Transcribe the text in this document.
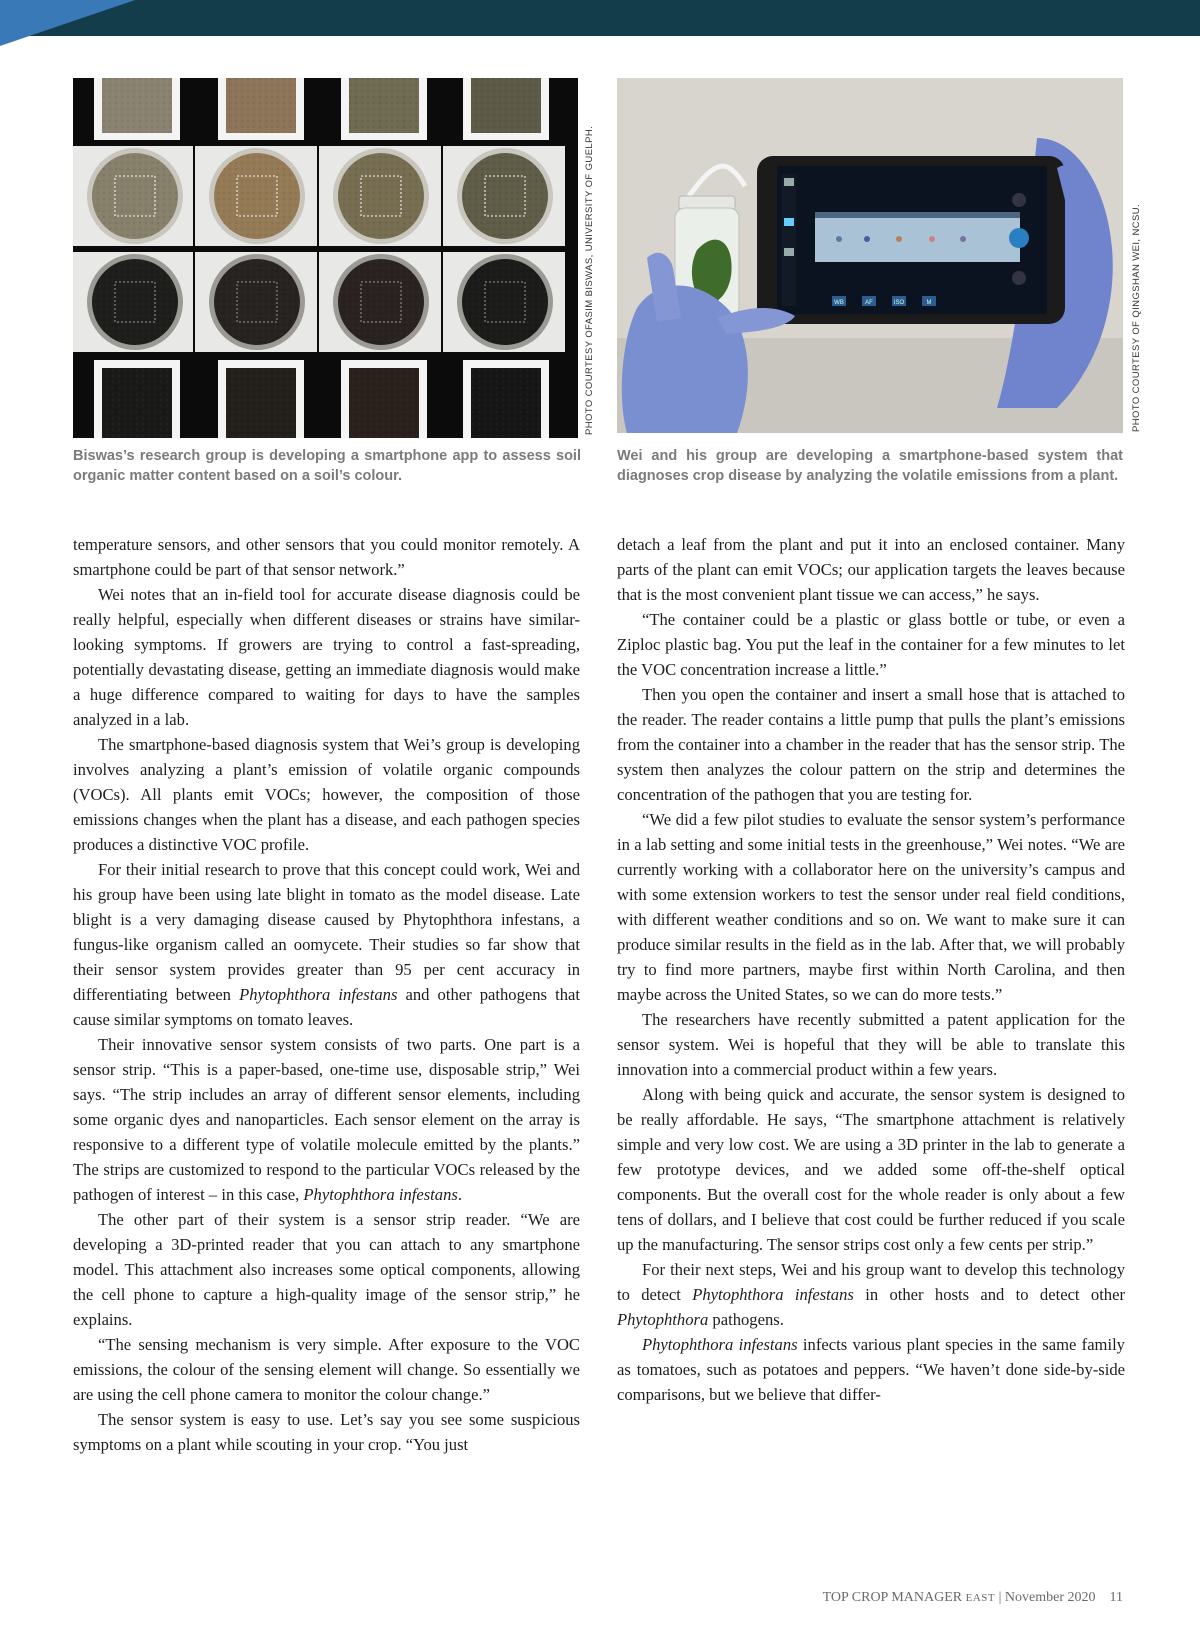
PHOTO COURTESY OFASIM BISWAS, UNIVERSITY OF GUELPH.	WB	AF	ISO	M	PHOTO COURTESY OF QINGSHAN WEI, NCSU.

Biswas’s research group is developing a smartphone app to assess soil organic matter content based on a soil’s colour.

Wei and his group are developing a smartphone-based system that diagnoses crop disease by analyzing the volatile emissions from a plant.

temperature sensors, and other sensors that you could monitor remotely. A smartphone could be part of that sensor network.”

Wei notes that an in-field tool for accurate disease diagnosis could be really helpful, especially when different diseases or strains have similar-looking symptoms. If growers are trying to control a fast-spreading, potentially devastating disease, getting an immediate diagnosis would make a huge difference compared to waiting for days to have the samples analyzed in a lab.

The smartphone-based diagnosis system that Wei’s group is developing involves analyzing a plant’s emission of volatile organic compounds (VOCs). All plants emit VOCs; however, the composition of those emissions changes when the plant has a disease, and each pathogen species produces a distinctive VOC profile.

For their initial research to prove that this concept could work, Wei and his group have been using late blight in tomato as the model disease. Late blight is a very damaging disease caused by Phytophthora infestans, a fungus-like organism called an oomycete. Their studies so far show that their sensor system provides greater than 95 per cent accuracy in differentiating between Phytophthora infestans and other pathogens that cause similar symptoms on tomato leaves.

Their innovative sensor system consists of two parts. One part is a sensor strip. “This is a paper-based, one-time use, disposable strip,” Wei says. “The strip includes an array of different sensor elements, including some organic dyes and nanoparticles. Each sensor element on the array is responsive to a different type of volatile molecule emitted by the plants.” The strips are customized to respond to the particular VOCs released by the pathogen of interest – in this case, Phytophthora infestans.

The other part of their system is a sensor strip reader. “We are developing a 3D-printed reader that you can attach to any smartphone model. This attachment also increases some optical components, allowing the cell phone to capture a high-quality image of the sensor strip,” he explains.

“The sensing mechanism is very simple. After exposure to the VOC emissions, the colour of the sensing element will change. So essentially we are using the cell phone camera to monitor the colour change.”

The sensor system is easy to use. Let’s say you see some suspicious symptoms on a plant while scouting in your crop. “You just

detach a leaf from the plant and put it into an enclosed container. Many parts of the plant can emit VOCs; our application targets the leaves because that is the most convenient plant tissue we can access,” he says.

“The container could be a plastic or glass bottle or tube, or even a Ziploc plastic bag. You put the leaf in the container for a few minutes to let the VOC concentration increase a little.”

Then you open the container and insert a small hose that is attached to the reader. The reader contains a little pump that pulls the plant’s emissions from the container into a chamber in the reader that has the sensor strip. The system then analyzes the colour pattern on the strip and determines the concentration of the pathogen that you are testing for.

“We did a few pilot studies to evaluate the sensor system’s performance in a lab setting and some initial tests in the greenhouse,” Wei notes. “We are currently working with a collaborator here on the university’s campus and with some extension workers to test the sensor under real field conditions, with different weather conditions and so on. We want to make sure it can produce similar results in the field as in the lab. After that, we will probably try to find more partners, maybe first within North Carolina, and then maybe across the United States, so we can do more tests.”

The researchers have recently submitted a patent application for the sensor system. Wei is hopeful that they will be able to translate this innovation into a commercial product within a few years.

Along with being quick and accurate, the sensor system is designed to be really affordable. He says, “The smartphone attachment is relatively simple and very low cost. We are using a 3D printer in the lab to generate a few prototype devices, and we added some off-the-shelf optical components. But the overall cost for the whole reader is only about a few tens of dollars, and I believe that cost could be further reduced if you scale up the manufacturing. The sensor strips cost only a few cents per strip.”

For their next steps, Wei and his group want to develop this technology to detect Phytophthora infestans in other hosts and to detect other Phytophthora pathogens.

Phytophthora infestans infects various plant species in the same family as tomatoes, such as potatoes and peppers. “We haven’t done side-by-side comparisons, but we believe that differ-

TOP CROP MANAGER EAST | November 2020 11
